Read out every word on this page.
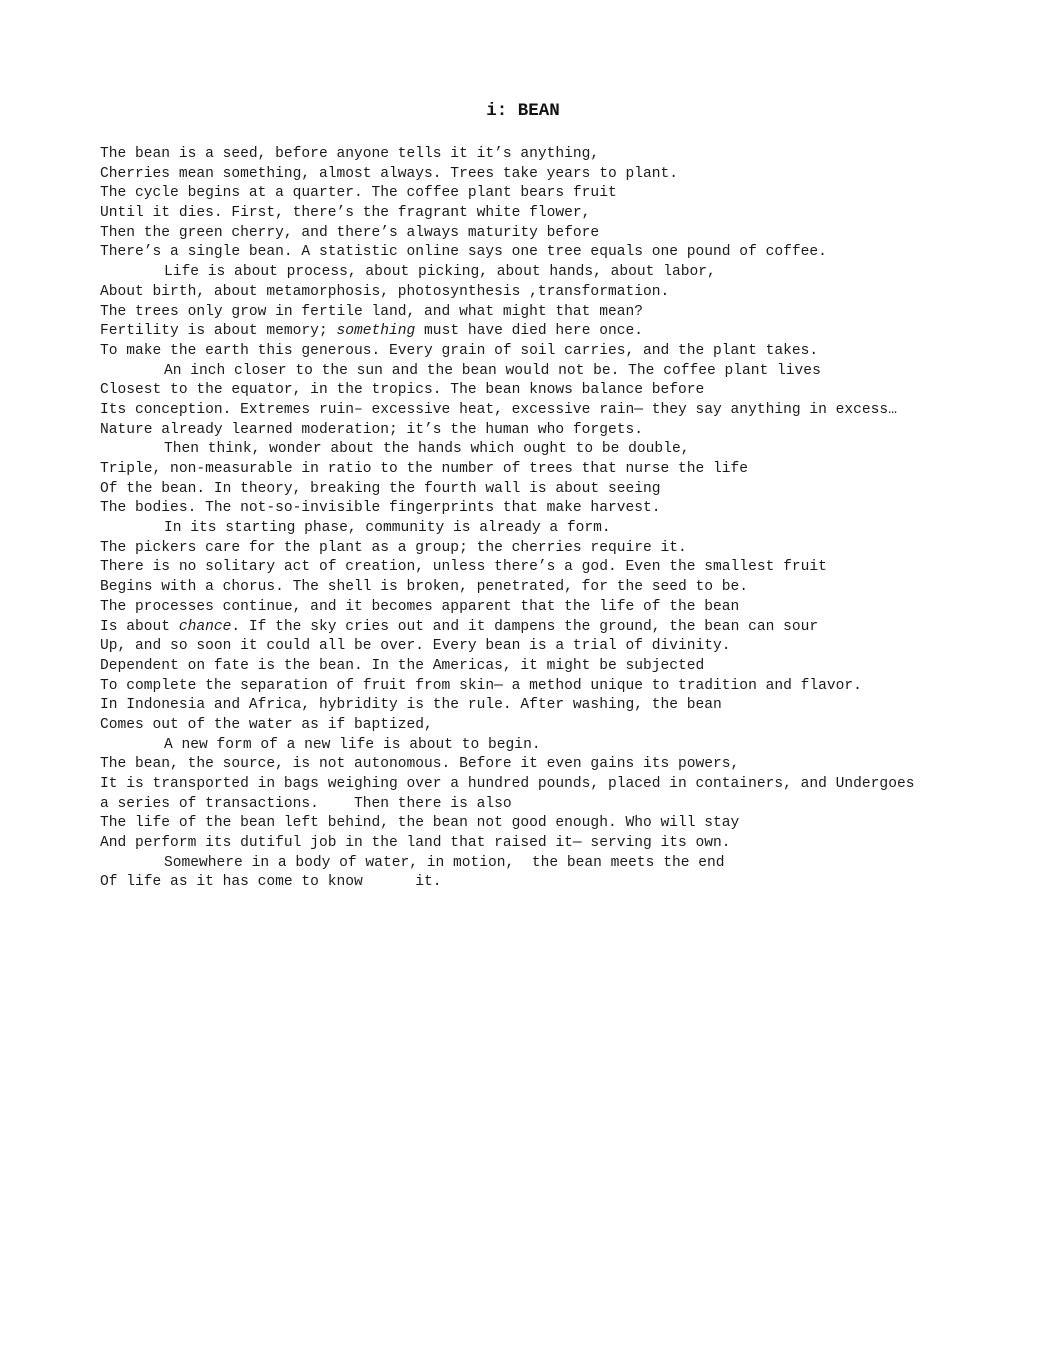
i: BEAN
The bean is a seed, before anyone tells it it’s anything,
Cherries mean something, almost always. Trees take years to plant.
The cycle begins at a quarter. The coffee plant bears fruit
Until it dies. First, there’s the fragrant white flower,
Then the green cherry, and there’s always maturity before
There’s a single bean. A statistic online says one tree equals one pound of coffee.
Life is about process, about picking, about hands, about labor,
About birth, about metamorphosis, photosynthesis ,transformation.
The trees only grow in fertile land, and what might that mean?
Fertility is about memory; something must have died here once.
To make the earth this generous. Every grain of soil carries, and the plant takes.
An inch closer to the sun and the bean would not be. The coffee plant lives
Closest to the equator, in the tropics. The bean knows balance before
Its conception. Extremes ruin– excessive heat, excessive rain— they say anything in excess…
Nature already learned moderation; it’s the human who forgets.
Then think, wonder about the hands which ought to be double,
Triple, non-measurable in ratio to the number of trees that nurse the life
Of the bean. In theory, breaking the fourth wall is about seeing
The bodies. The not-so-invisible fingerprints that make harvest.
In its starting phase, community is already a form.
The pickers care for the plant as a group; the cherries require it.
There is no solitary act of creation, unless there’s a god. Even the smallest fruit
Begins with a chorus. The shell is broken, penetrated, for the seed to be.
The processes continue, and it becomes apparent that the life of the bean
Is about chance. If the sky cries out and it dampens the ground, the bean can sour
Up, and so soon it could all be over. Every bean is a trial of divinity.
Dependent on fate is the bean. In the Americas, it might be subjected
To complete the separation of fruit from skin— a method unique to tradition and flavor.
In Indonesia and Africa, hybridity is the rule. After washing, the bean
Comes out of the water as if baptized,
A new form of a new life is about to begin.
The bean, the source, is not autonomous. Before it even gains its powers,
It is transported in bags weighing over a hundred pounds, placed in containers, and Undergoes
a series of transactions.    Then there is also
The life of the bean left behind, the bean not good enough. Who will stay
And perform its dutiful job in the land that raised it— serving its own.
Somewhere in a body of water, in motion,  the bean meets the end
Of life as it has come to know      it.
